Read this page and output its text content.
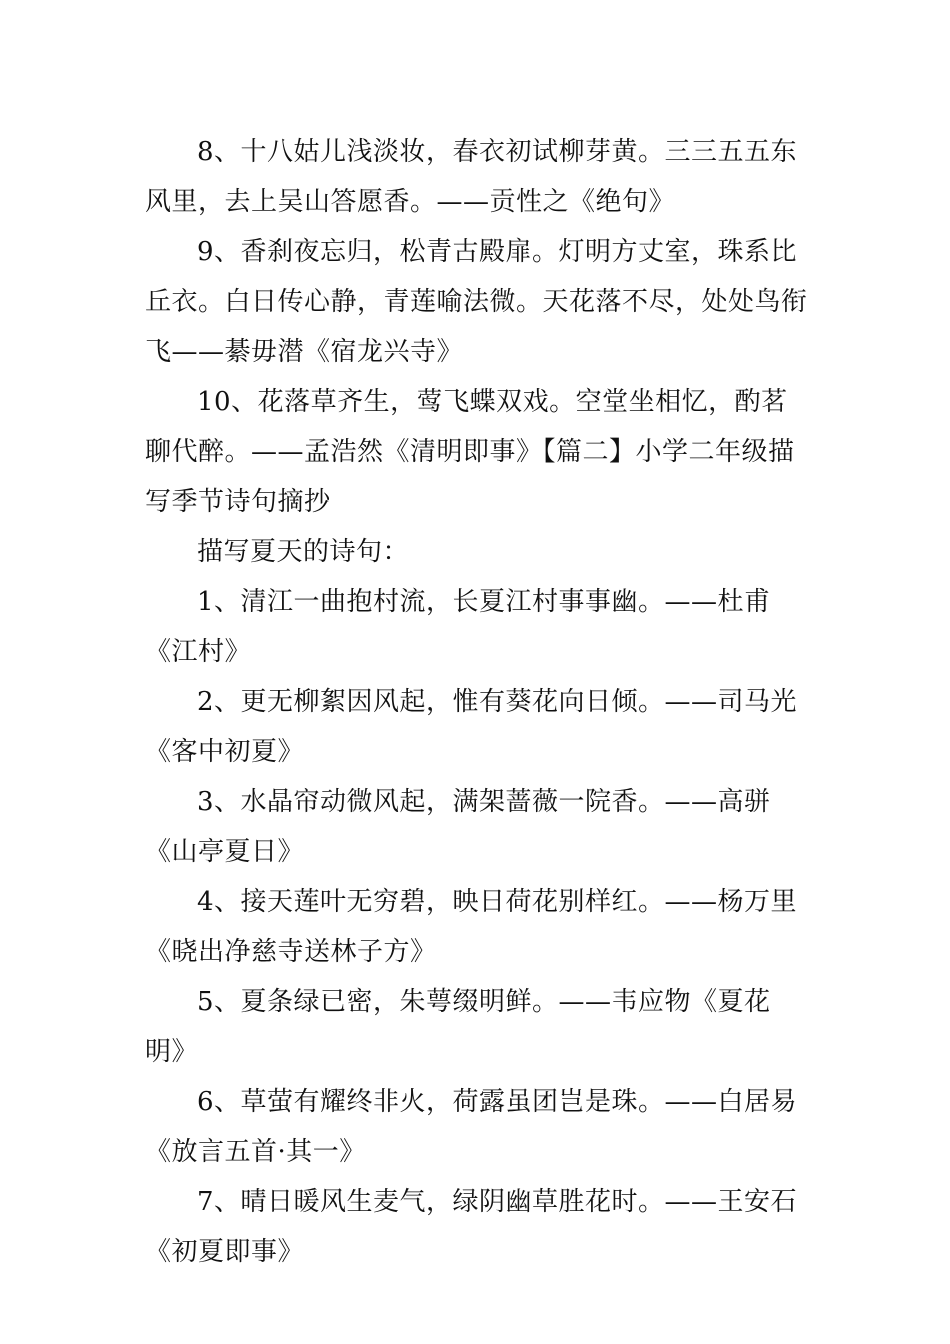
8、十八姑儿浅淡妆，春衣初试柳芽黄。三三五五东风里，去上吴山答愿香。——贡性之《绝句》

9、香刹夜忘归，松青古殿扉。灯明方丈室，珠系比丘衣。白日传心静，青莲喻法微。天花落不尽，处处鸟衔飞——綦毋潜《宿龙兴寺》

10、花落草齐生，莺飞蝶双戏。空堂坐相忆，酌茗聊代醉。——孟浩然《清明即事》【篇二】小学二年级描写季节诗句摘抄

描写夏天的诗句：

1、清江一曲抱村流，长夏江村事事幽。——杜甫《江村》

2、更无柳絮因风起，惟有葵花向日倾。——司马光《客中初夏》

3、水晶帘动微风起，满架蔷薇一院香。——高骈《山亭夏日》

4、接天莲叶无穷碧，映日荷花别样红。——杨万里《晓出净慈寺送林子方》

5、夏条绿已密，朱萼缀明鲜。——韦应物《夏花明》

6、草萤有耀终非火，荷露虽团岂是珠。——白居易《放言五首·其一》

7、晴日暖风生麦气，绿阴幽草胜花时。——王安石《初夏即事》
